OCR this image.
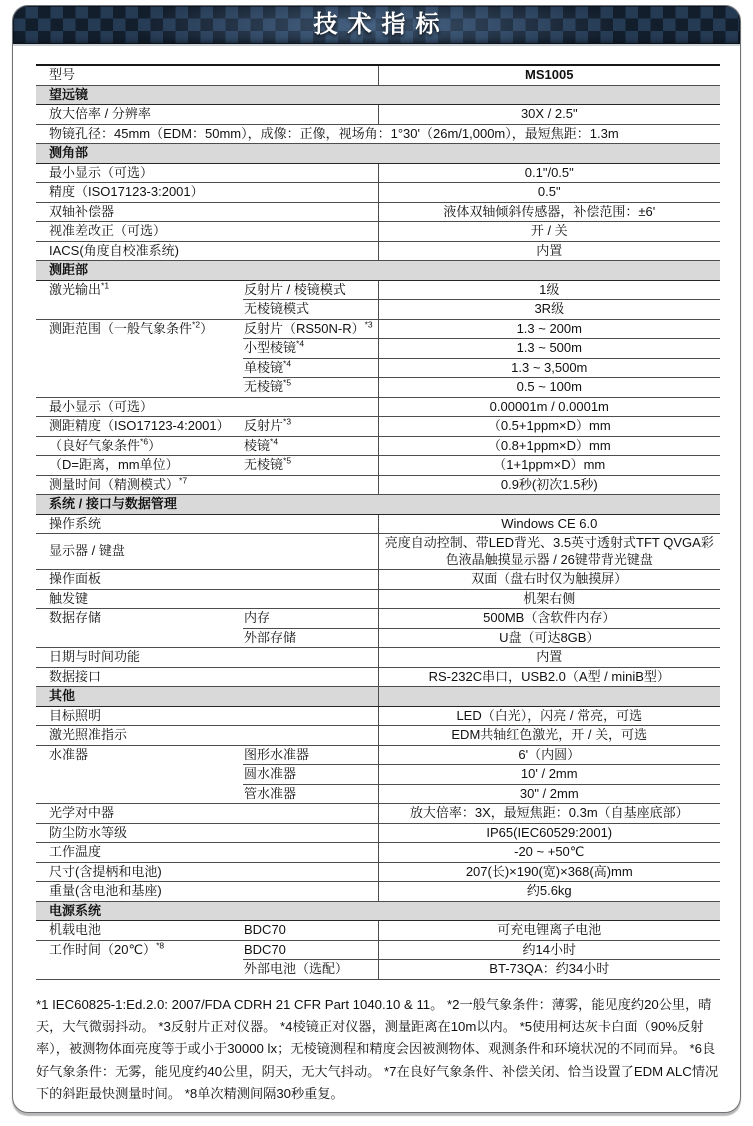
技术指标
型号		MS1005
望远镜		
放大倍率 / 分辨率		30X / 2.5"
物镜孔径：45mm（EDM：50mm），成像：正像，视场角：1°30'（26m/1,000m），最短焦距：1.3m		
测角部		
最小显示（可选）		0.1"/0.5"
精度（ISO17123-3:2001）		0.5"
双轴补偿器		液体双轴倾斜传感器，补偿范围：±6'
视准差改正（可选）		开 / 关
IACS(角度自校准系统)		内置
测距部		
激光输出$^{*1}$	反射片 / 棱镜模式	1级
	无棱镜模式	3R级
测距范围（一般气象条件$^{*2}$）	反射片（RS50N-R）$^{*3}$	1.3 ~ 200m
	小型棱镜$^{*4}$	1.3 ~ 500m
	单棱镜$^{*4}$	1.3 ~ 3,500m
	无棱镜$^{*5}$	0.5 ~ 100m
最小显示（可选）		0.00001m / 0.0001m
测距精度（ISO17123-4:2001）	反射片$^{*3}$	（0.5+1ppm×D）mm
（良好气象条件$^{*6}$）	棱镜$^{*4}$	（0.8+1ppm×D）mm
（D=距离，mm单位）	无棱镜$^{*5}$	（1+1ppm×D）mm
测量时间（精测模式）$^{*7}$		0.9秒(初次1.5秒)
系统 / 接口与数据管理		
操作系统		Windows CE 6.0
显示器 / 键盘		亮度自动控制、带LED背光、3.5英寸透射式TFT QVGA彩色液晶触摸显示器 / 26键带背光键盘
操作面板		双面（盘右时仅为触摸屏）
触发键		机架右侧
数据存储	内存	500MB（含软件内存）
	外部存储	U盘（可达8GB）
日期与时间功能		内置
数据接口		RS-232C串口，USB2.0（A型 / miniB型）
其他		
目标照明		LED（白光），闪亮 / 常亮，可选
激光照准指示		EDM共轴红色激光，开 / 关，可选
水准器	图形水准器	6'（内圆）
	圆水准器	10' / 2mm
	管水准器	30" / 2mm
光学对中器		放大倍率：3X，最短焦距：0.3m（自基座底部）
防尘防水等级		IP65(IEC60529:2001)
工作温度		-20 ~ +50℃
尺寸(含提柄和电池)		207(长)×190(宽)×368(高)mm
重量(含电池和基座)		约5.6kg
电源系统		
机载电池	BDC70	可充电锂离子电池
工作时间（20℃）$^{*8}$	BDC70	约14小时
	外部电池（选配）	BT-73QA：约34小时
*1 IEC60825-1:Ed.2.0: 2007/FDA CDRH 21 CFR Part 1040.10 & 11。 *2一般气象条件：薄雾，能见度约20公里，晴天，大气微弱抖动。 *3反射片正对仪器。 *4棱镜正对仪器，测量距离在10m以内。 *5使用柯达灰卡白面（90%反射率），被测物体面亮度等于或小于30000 lx；无棱镜测程和精度会因被测物体、观测条件和环境状况的不同而异。 *6良好气象条件：无雾，能见度约40公里，阴天，无大气抖动。 *7在良好气象条件、补偿关闭、恰当设置了EDM ALC情况下的斜距最快测量时间。 *8单次精测间隔30秒重复。
